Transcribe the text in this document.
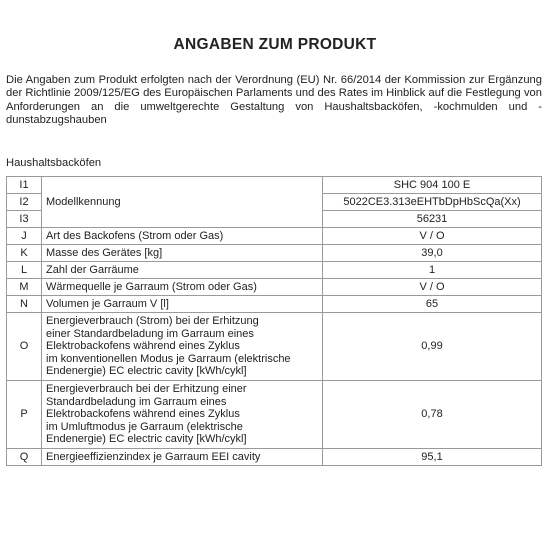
ANGABEN ZUM PRODUKT
Die Angaben zum Produkt erfolgten nach der Verordnung (EU) Nr. 66/2014 der Kommission zur Ergänzung der Richtlinie 2009/125/EG des Europäischen Parlaments und des Rates im Hinblick auf die Festlegung von Anforderungen an die umweltgerechte Gestaltung von Haushaltsbacköfen, -kochmulden und -dunstabzugshauben
Haushaltsbacköfen
I1	Modellkennung	SHC 904 100 E
I2		5022CE3.313eEHTbDpHbScQa(Xx)
I3		56231
J	Art des Backofens (Strom oder Gas)	V / O
K	Masse des Gerätes [kg]	39,0
L	Zahl der Garräume	1
M	Wärmequelle je Garraum (Strom oder Gas)	V / O
N	Volumen je Garraum V [l]	65
O	Energieverbrauch (Strom) bei der Erhitzung
einer Standardbeladung im Garraum eines
Elektrobackofens während eines Zyklus
im konventionellen Modus je Garraum (elektrische
Endenergie) EC electric cavity [kWh/cykl]	0,99
P	Energieverbrauch bei der Erhitzung einer
Standardbeladung im Garraum eines
Elektrobackofens während eines Zyklus
im Umluftmodus je Garraum (elektrische
Endenergie) EC electric cavity [kWh/cykl]	0,78
Q	Energieeffizienzindex je Garraum EEI cavity	95,1
